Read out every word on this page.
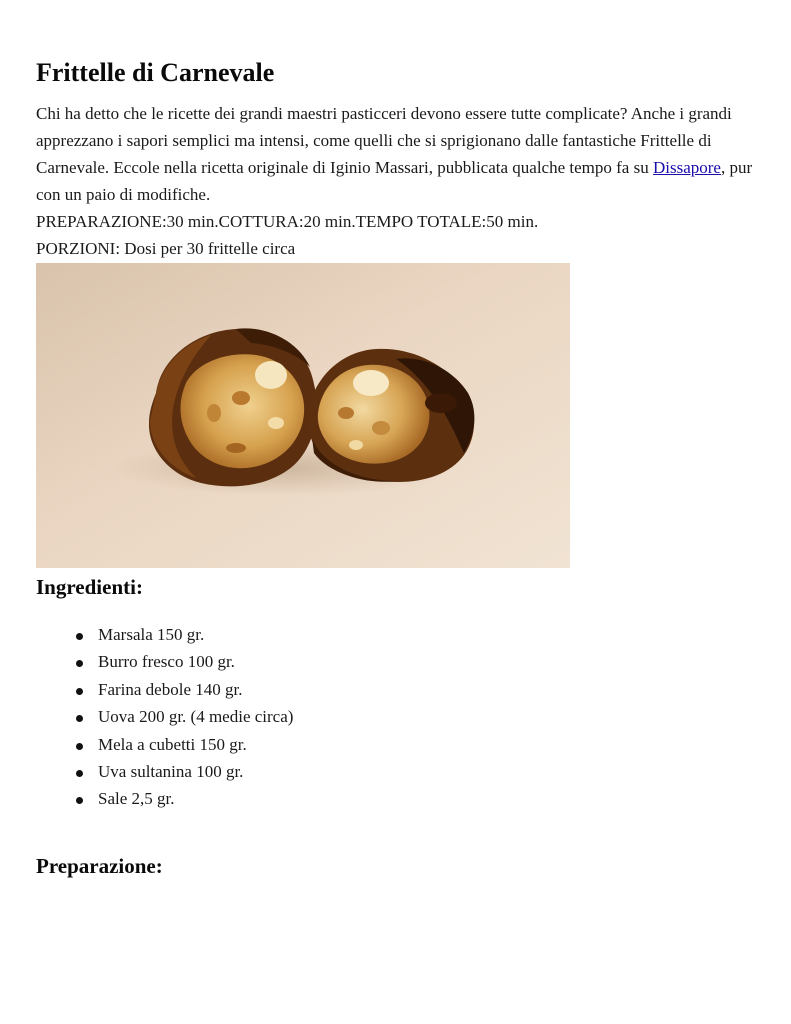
Frittelle di Carnevale

Chi ha detto che le ricette dei grandi maestri pasticceri devono essere tutte complicate? Anche i grandi apprezzano i sapori semplici ma intensi, come quelli che si sprigionano dalle fantastiche Frittelle di Carnevale. Eccole nella ricetta originale di Iginio Massari, pubblicata qualche tempo fa su Dissapore, pur con un paio di modifiche.

PREPARAZIONE:30 min.COTTURA:20 min.TEMPO TOTALE:50 min.
PORZIONI: Dosi per 30 frittelle circa
Ingredienti:
Marsala 150 gr.
Burro fresco 100 gr.
Farina debole 140 gr.
Uova 200 gr. (4 medie circa)
Mela a cubetti 150 gr.
Uva sultanina 100 gr.
Sale 2,5 gr.
Preparazione:
